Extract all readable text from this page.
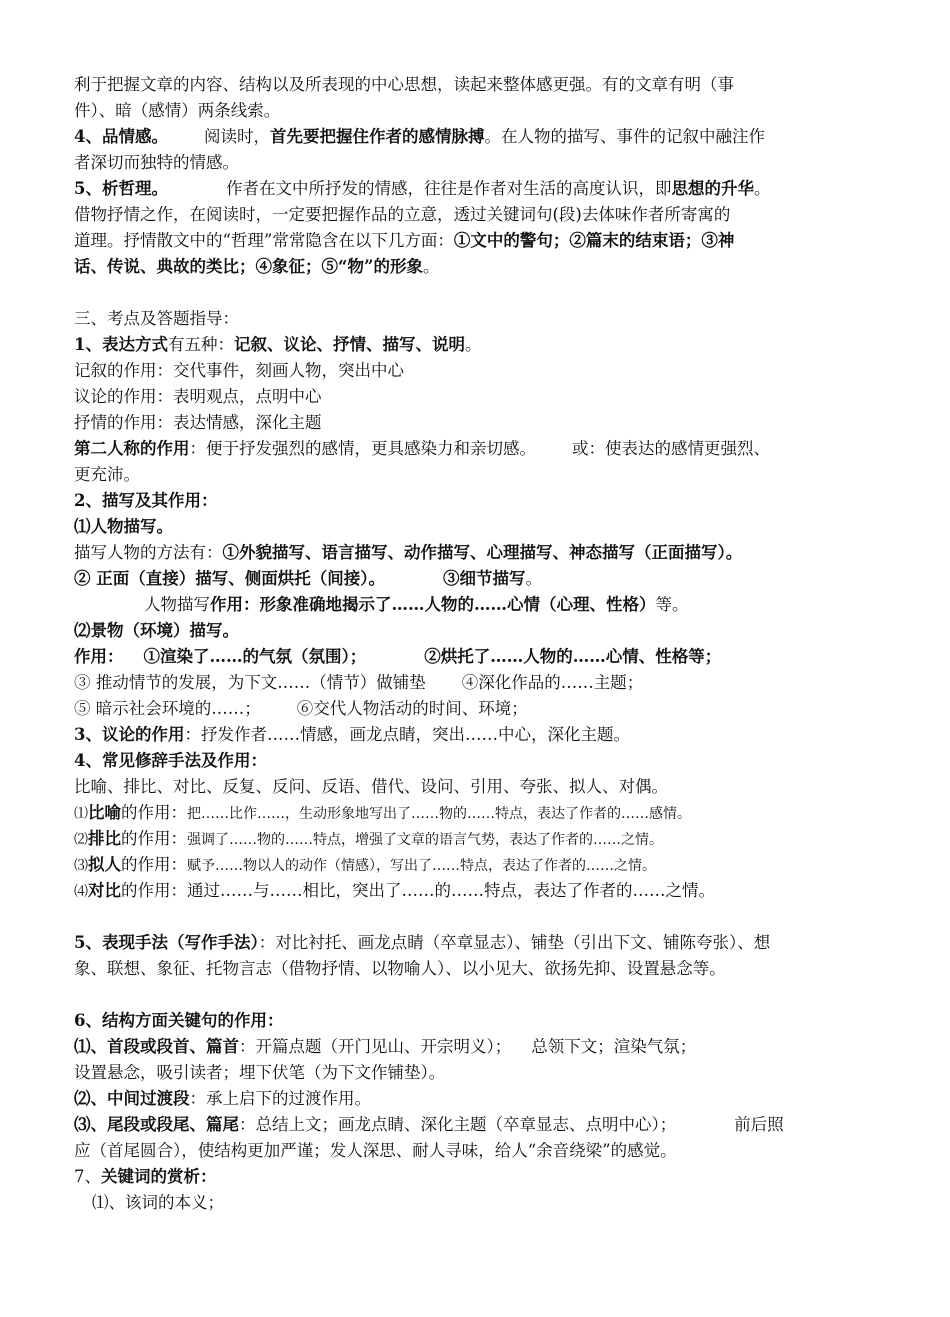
利于把握文章的内容、结构以及所表现的中心思想，读起来整体感更强。有的文章有明（事
件）、暗（感情）两条线索。
4、品情感。 阅读时，首先要把握住作者的感情脉搏。在人物的描写、事件的记叙中融注作
者深切而独特的情感。
5、析哲理。	作者在文中所抒发的情感，往往是作者对生活的高度认识，即思想的升华。
借物抒情之作，在阅读时，一定要把握作品的立意，透过关键词句(段)去体味作者所寄寓的
道理。抒情散文中的“哲理”常常隐含在以下几方面：①文中的警句；②篇末的结束语；③神
话、传说、典故的类比；④象征；⑤“物”的形象。
三、考点及答题指导：
1、表达方式有五种：记叙、议论、抒情、描写、说明。
记叙的作用：交代事件，刻画人物，突出中心
议论的作用：表明观点，点明中心
抒情的作用：表达情感，深化主题
第二人称的作用：便于抒发强烈的感情，更具感染力和亲切感。 或：使表达的感情更强烈、
更充沛。
2、描写及其作用：
⑴人物描写。
描写人物的方法有：①外貌描写、语言描写、动作描写、心理描写、神态描写（正面描写）。
② 正面（直接）描写、侧面烘托（间接）。	③细节描写。
人物描写作用：形象准确地揭示了……人物的……心情（心理、性格）等。
⑵景物（环境）描写。
作用： ①渲染了……的气氛（氛围）；	②烘托了……人物的……心情、性格等；
③ 推动情节的发展，为下文……（情节）做铺垫 ④深化作品的……主题；
⑤ 暗示社会环境的……； ⑥交代人物活动的时间、环境；
3、议论的作用：抒发作者……情感，画龙点睛，突出……中心，深化主题。
4、常见修辞手法及作用：
比喻、排比、对比、反复、反问、反语、借代、设问、引用、夸张、拟人、对偶。
⑴比喻的作用：把……比作……，生动形象地写出了……物的……特点，表达了作者的……感情。
⑵排比的作用：强调了……物的……特点，增强了文章的语言气势，表达了作者的……之情。
⑶拟人的作用：赋予……物以人的动作（情感），写出了……特点，表达了作者的……之情。
⑷对比的作用：通过……与……相比，突出了……的……特点，表达了作者的……之情。
5、表现手法（写作手法）：对比衬托、画龙点睛（卒章显志）、铺垫（引出下文、铺陈夸张）、想
象、联想、象征、托物言志（借物抒情、以物喻人）、以小见大、欲扬先抑、设置悬念等。
6、结构方面关键句的作用：
⑴、首段或段首、篇首：开篇点题（开门见山、开宗明义）； 总领下文；渲染气氛；
设置悬念，吸引读者；埋下伏笔（为下文作铺垫）。
⑵、中间过渡段：承上启下的过渡作用。
⑶、尾段或段尾、篇尾：总结上文；画龙点睛、深化主题（卒章显志、点明中心）；	前后照
应（首尾圆合），使结构更加严谨；发人深思、耐人寻味，给人“余音绕梁”的感觉。
7、关键词的赏析：
⑴、该词的本义；
